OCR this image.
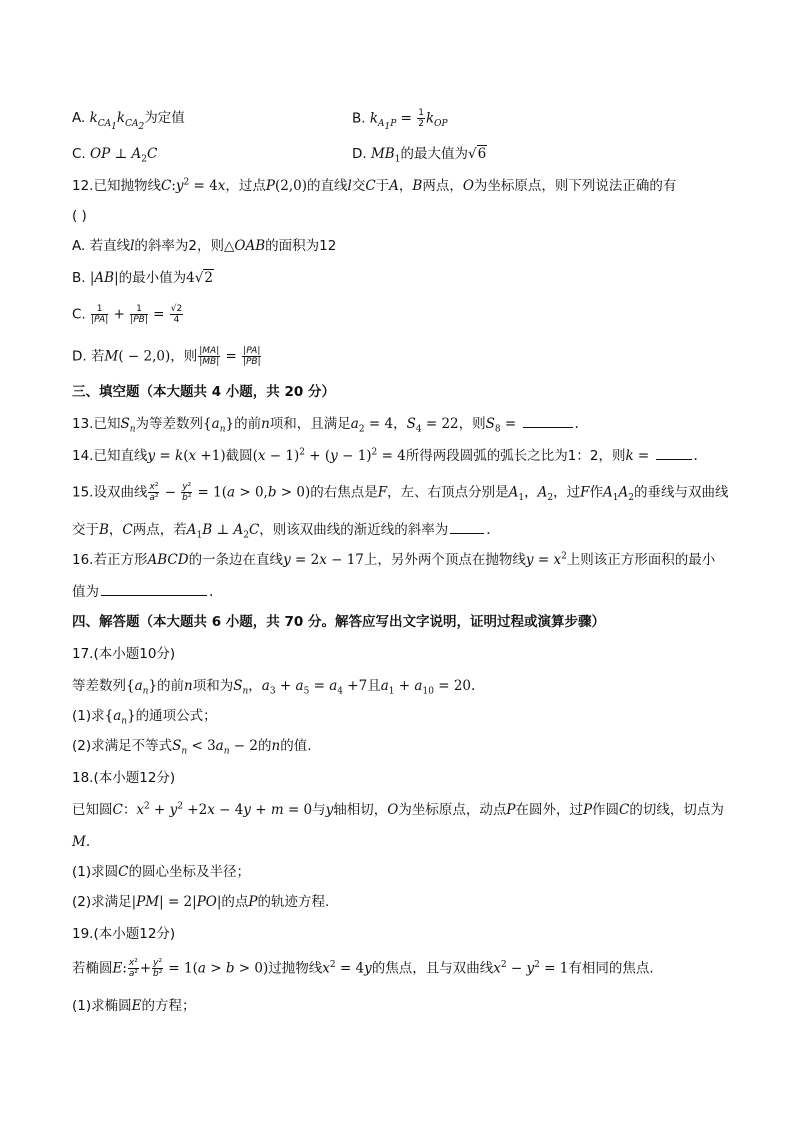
A. $k_{CA_1}k_{CA_2}$为定值	B. $k_{A_1P} = \frac{1}{2} k_{OP}$
C. OP ⊥ $A_2C$	D. $MB_1$的最大值为√6
12.已知抛物线$C:y^2 = 4x$，过点P(2,0)的直线l交C于A，B两点，O为坐标原点，则下列说法正确的有
( )
A. 若直线l的斜率为2，则△OAB的面积为12
B. |AB|的最小值为4√2
C. $\frac{1}{|PA|} + \frac{1}{|PB|} = \frac{√2}{4}$
D. 若M( − 2,0)，则 $\frac{|MA|}{|MB|} = \frac{|PA|}{|PB|}$
三、填空题（本大题共 4 小题，共 20 分）
13.已知$S_n$为等差数列$\{a_n\}$的前n项和，且满足$a_2 = 4$，$S_4 = 22$，则$S_8$ =	.
14.已知直线y = k(x +1)截圆$(x - 1)^2 + (y - 1)^2 = 4$所得两段圆弧的弧长之比为1：2，则k =	.
15.设双曲线 $\frac{\text{x²}}{\text{a²}} - \frac{\text{y²}}{\text{b²}} = 1(a > 0,b > 0)$的右焦点是F，左、右顶点分别是$A_1$，$A_2$，过F作$A_1A_2$的垂线与双曲线
交于B，C两点，若$A_1B$ ⊥ $A_2C$，则该双曲线的渐近线的斜率为	.
16.若正方形ABCD的一条边在直线y = 2x − 17上，另外两个顶点在抛物线$y = x^2$上则该正方形面积的最小
值为	.
四、解答题（本大题共 6 小题，共 70 分。解答应写出文字说明，证明过程或演算步骤）
17.(本小题10分)
等差数列$\{a_n\}$的前n项和为$S_n$，$a_3 + a_5 = a_4 +7$且$a_1 + a_{10} = 20$.
(1)求$\{a_n\}$的通项公式；
(2)求满足不等式$S_n < 3a_n - 2$的n的值.
18.(本小题12分)
已知圆C：$x^2 + y^2 +2x - 4y + m = 0$与y轴相切，O为坐标原点，动点P在圆外，过P作圆C的切线，切点为
M.
(1)求圆C的圆心坐标及半径；
(2)求满足|PM| = 2|PO|的点P的轨迹方程.
19.(本小题12分)
若椭圆E: $\frac{\text{x²}}{\text{a²}} + \frac{\text{y²}}{\text{b²}} = 1(a > b > 0)$过抛物线$x^2 = 4y$的焦点，且与双曲线$x^2 - y^2 = 1$有相同的焦点.
(1)求椭圆E的方程；
